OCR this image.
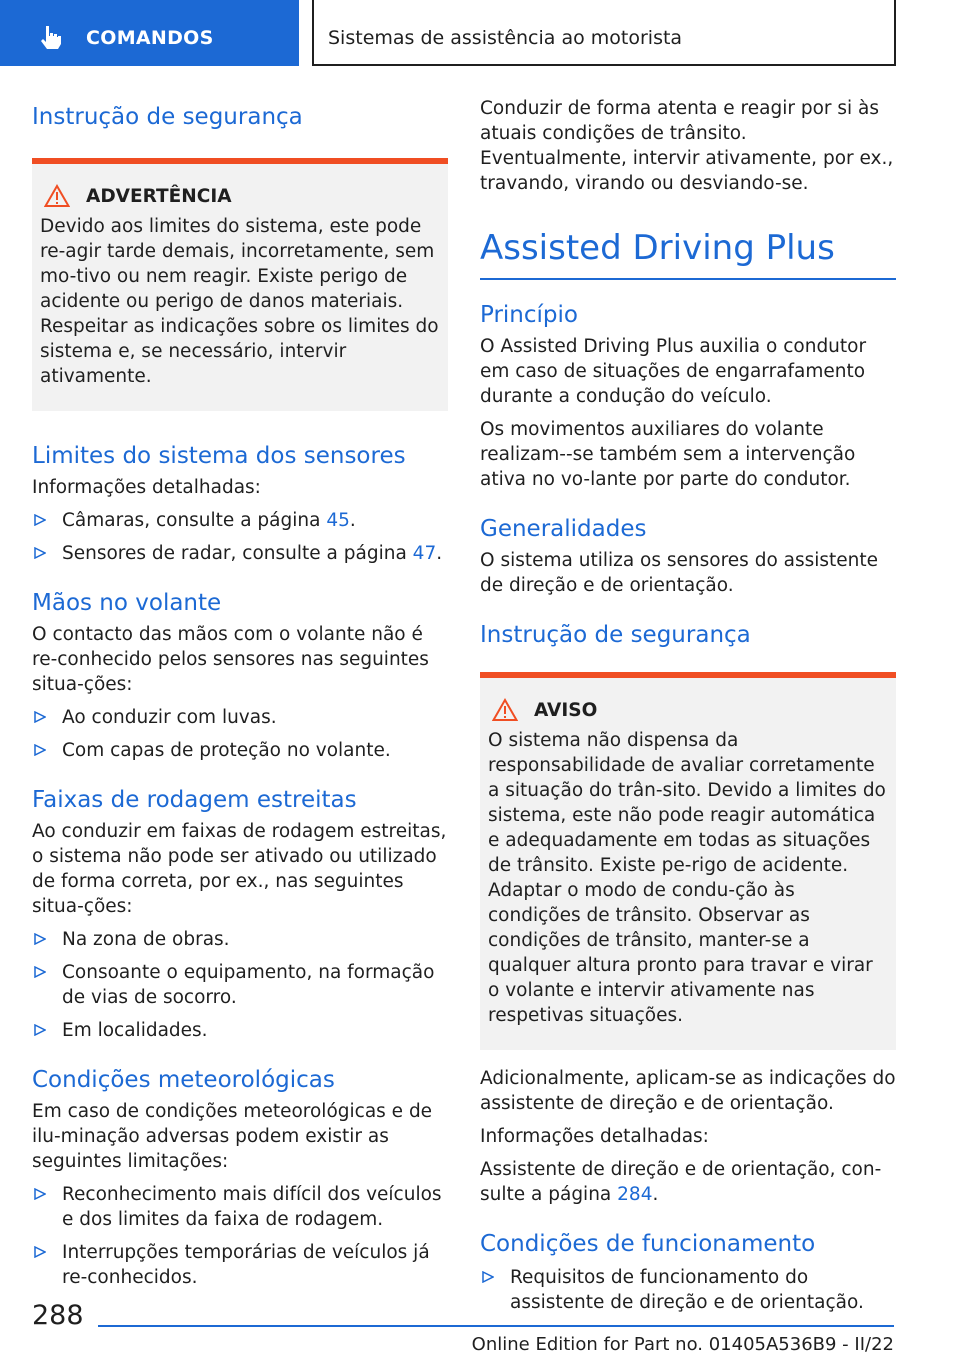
COMANDOS	Sistemas de assistência ao motorista
Instrução de segurança
ADVERTÊNCIA

Devido aos limites do sistema, este pode re-agir tarde demais, incorretamente, sem mo-tivo ou nem reagir. Existe perigo de acidente ou perigo de danos materiais. Respeitar as indicações sobre os limites do sistema e, se necessário, intervir ativamente.

Limites do sistema dos sensores

Informações detalhadas:

Câmaras, consulte a página 45.
Sensores de radar, consulte a página 47.
Mãos no volante

O contacto das mãos com o volante não é re-conhecido pelos sensores nas seguintes situa-ções:

Ao conduzir com luvas.
Com capas de proteção no volante.
Faixas de rodagem estreitas

Ao conduzir em faixas de rodagem estreitas, o sistema não pode ser ativado ou utilizado de forma correta, por ex., nas seguintes situa-ções:

Na zona de obras.
Consoante o equipamento, na formação de vias de socorro.
Em localidades.
Condições meteorológicas

Em caso de condições meteorológicas e de ilu-minação adversas podem existir as seguintes limitações:

Reconhecimento mais difícil dos veículos e dos limites da faixa de rodagem.
Interrupções temporárias de veículos já re-conhecidos.

Conduzir de forma atenta e reagir por si às atuais condições de trânsito. Eventualmente, intervir ativamente, por ex., travando, virando ou desviando-se.

Assisted Driving Plus
Princípio

O Assisted Driving Plus auxilia o condutor em caso de situações de engarrafamento durante a condução do veículo.

Os movimentos auxiliares do volante realizam--se também sem a intervenção ativa no vo-lante por parte do condutor.

Generalidades

O sistema utiliza os sensores do assistente de direção e de orientação.

Instrução de segurança
AVISO

O sistema não dispensa da responsabilidade de avaliar corretamente a situação do trân-sito. Devido a limites do sistema, este não pode reagir automática e adequadamente em todas as situações de trânsito. Existe pe-rigo de acidente. Adaptar o modo de condu-ção às condições de trânsito. Observar as condições de trânsito, manter-se a qualquer altura pronto para travar e virar o volante e intervir ativamente nas respetivas situações.

Adicionalmente, aplicam-se as indicações do assistente de direção e de orientação.

Informações detalhadas:

Assistente de direção e de orientação, con-sulte a página 284.

Condições de funcionamento
Requisitos de funcionamento do assistente de direção e de orientação.
288
Online Edition for Part no. 01405A536B9 - II/22
